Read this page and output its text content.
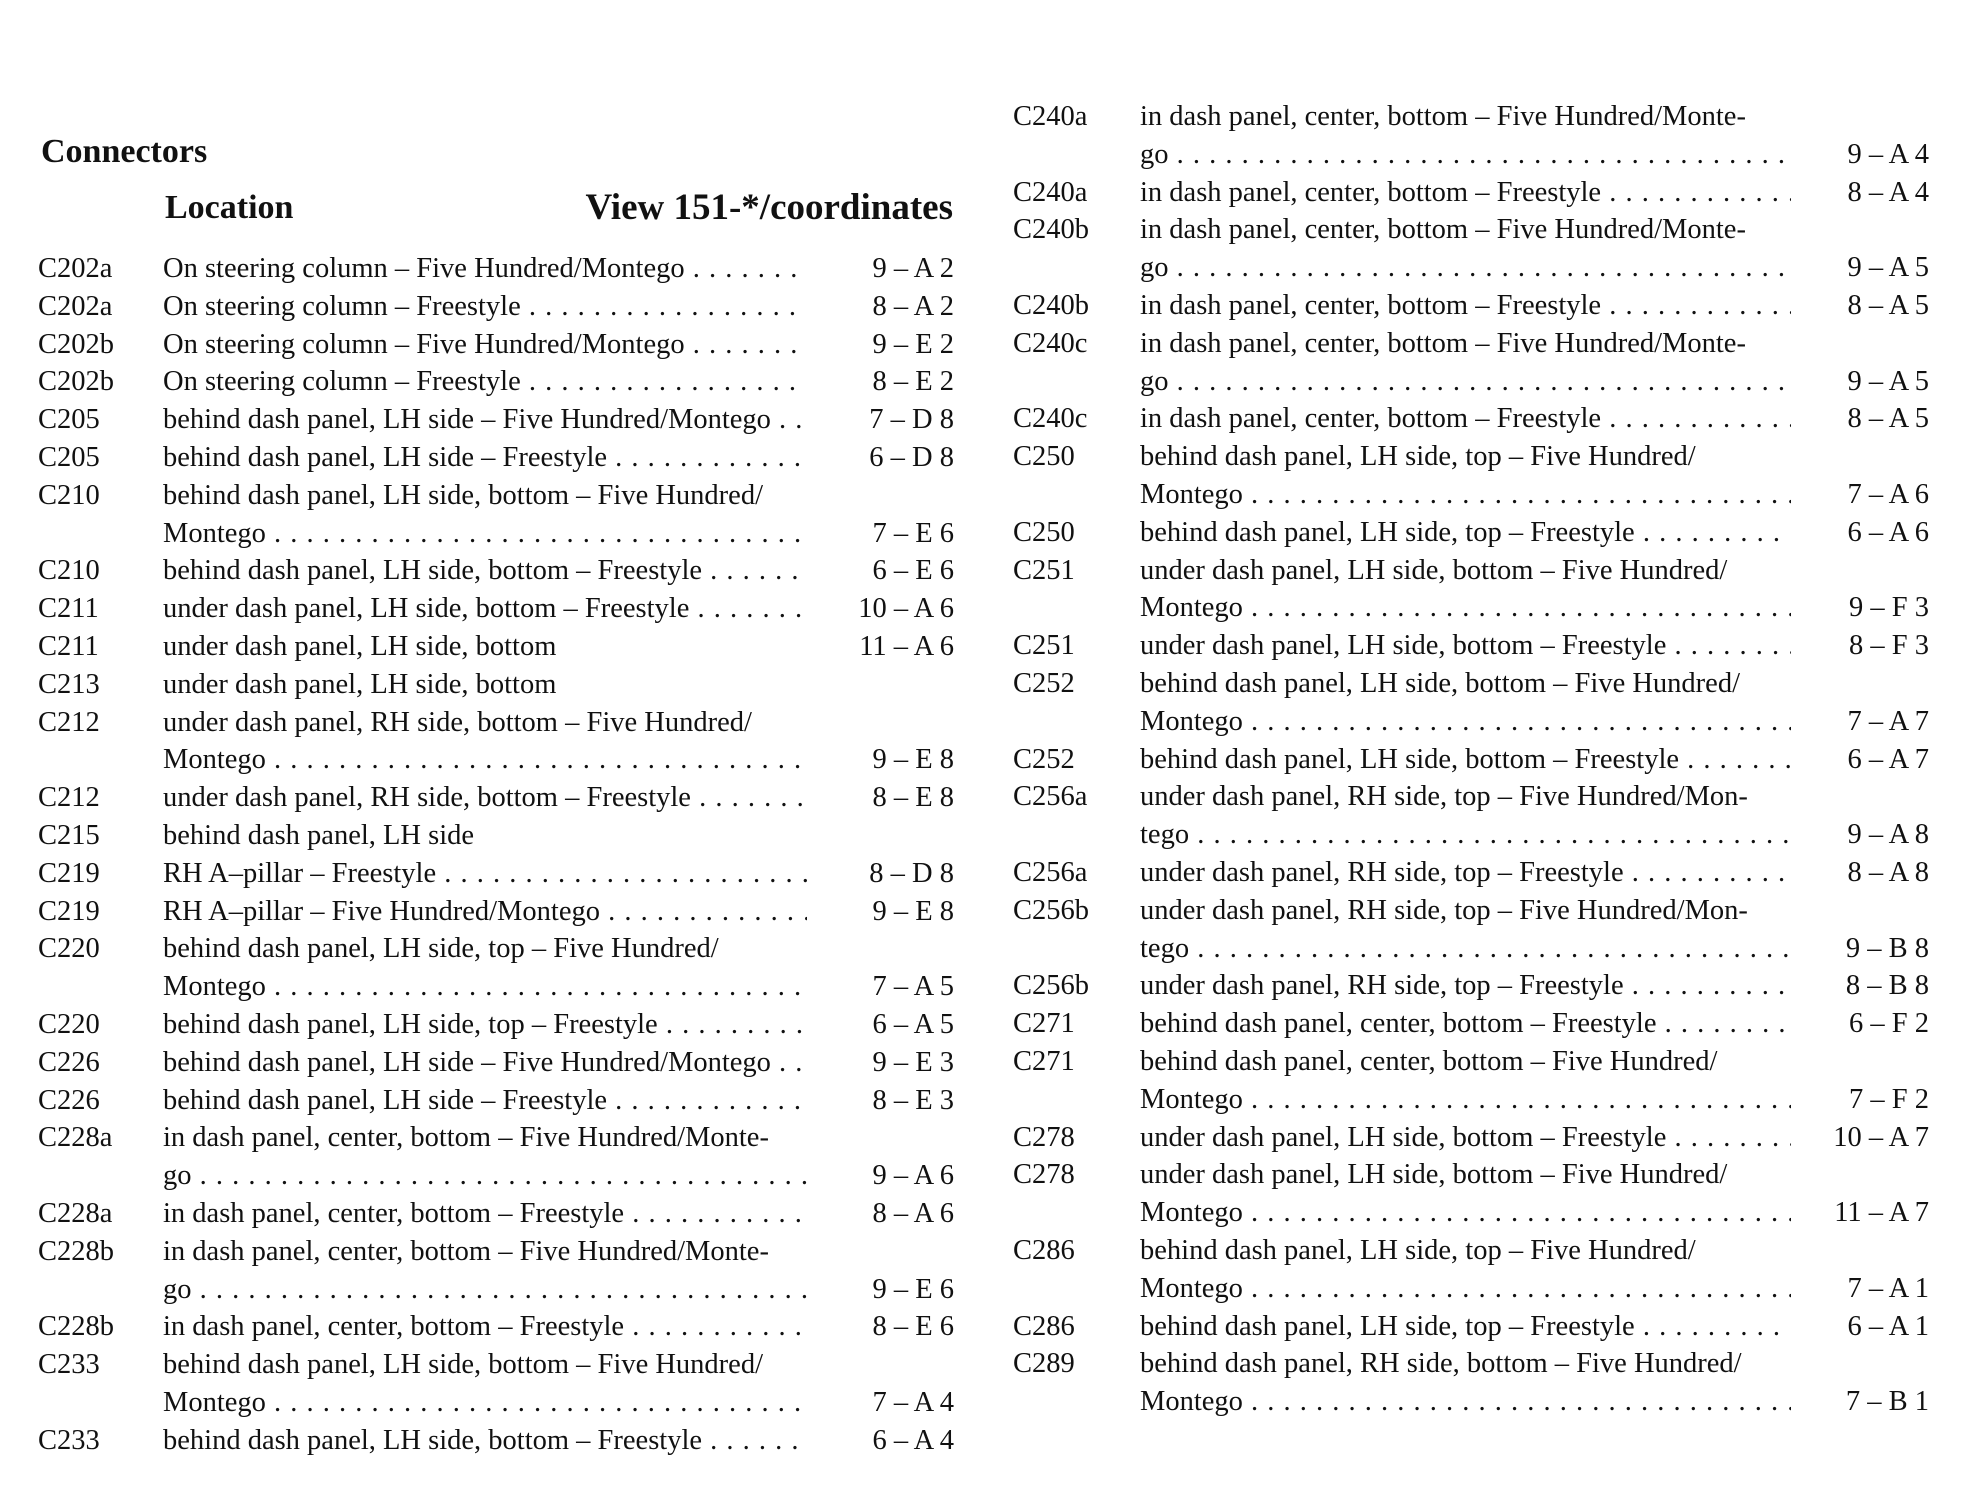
Connectors
Location	View 151-*/coordinates
C202a	On steering column – Five Hundred/Montego . . .	9 – A 2
C202a	On steering column – Freestyle . . .	8 – A 2
C202b	On steering column – Five Hundred/Montego . . .	9 – E 2
C202b	On steering column – Freestyle . . .	8 – E 2
C205	behind dash panel, LH side – Five Hundred/Montego . . .	7 – D 8
C205	behind dash panel, LH side – Freestyle . . .	6 – D 8
C210	behind dash panel, LH side, bottom – Five Hundred/
Montego . . .	7 – E 6
C210	behind dash panel, LH side, bottom – Freestyle . . .	6 – E 6
C211	under dash panel, LH side, bottom – Freestyle . . .	10 – A 6
C211	under dash panel, LH side, bottom	11 – A 6
C213	under dash panel, LH side, bottom
C212	under dash panel, RH side, bottom – Five Hundred/
Montego . . .	9 – E 8
C212	under dash panel, RH side, bottom – Freestyle . . .	8 – E 8
C215	behind dash panel, LH side
C219	RH A–pillar – Freestyle . . .	8 – D 8
C219	RH A–pillar – Five Hundred/Montego . . .	9 – E 8
C220	behind dash panel, LH side, top – Five Hundred/
Montego . . .	7 – A 5
C220	behind dash panel, LH side, top – Freestyle . . .	6 – A 5
C226	behind dash panel, LH side – Five Hundred/Montego . . .	9 – E 3
C226	behind dash panel, LH side – Freestyle . . .	8 – E 3
C228a	in dash panel, center, bottom – Five Hundred/Monte-
go . . .	9 – A 6
C228a	in dash panel, center, bottom – Freestyle . . .	8 – A 6
C228b	in dash panel, center, bottom – Five Hundred/Monte-
go . . .	9 – E 6
C228b	in dash panel, center, bottom – Freestyle . . .	8 – E 6
C233	behind dash panel, LH side, bottom – Five Hundred/
Montego . . .	7 – A 4
C233	behind dash panel, LH side, bottom – Freestyle . . .	6 – A 4
C240a	in dash panel, center, bottom – Five Hundred/Monte-
go . . .	9 – A 4
C240a	in dash panel, center, bottom – Freestyle . . .	8 – A 4
C240b	in dash panel, center, bottom – Five Hundred/Monte-
go . . .	9 – A 5
C240b	in dash panel, center, bottom – Freestyle . . .	8 – A 5
C240c	in dash panel, center, bottom – Five Hundred/Monte-
go . . .	9 – A 5
C240c	in dash panel, center, bottom – Freestyle . . .	8 – A 5
C250	behind dash panel, LH side, top – Five Hundred/
Montego . . .	7 – A 6
C250	behind dash panel, LH side, top – Freestyle . . .	6 – A 6
C251	under dash panel, LH side, bottom – Five Hundred/
Montego . . .	9 – F 3
C251	under dash panel, LH side, bottom – Freestyle . . .	8 – F 3
C252	behind dash panel, LH side, bottom – Five Hundred/
Montego . . .	7 – A 7
C252	behind dash panel, LH side, bottom – Freestyle . . .	6 – A 7
C256a	under dash panel, RH side, top – Five Hundred/Mon-
tego . . .	9 – A 8
C256a	under dash panel, RH side, top – Freestyle . . .	8 – A 8
C256b	under dash panel, RH side, top – Five Hundred/Mon-
tego . . .	9 – B 8
C256b	under dash panel, RH side, top – Freestyle . . .	8 – B 8
C271	behind dash panel, center, bottom – Freestyle . . .	6 – F 2
C271	behind dash panel, center, bottom – Five Hundred/
Montego . . .	7 – F 2
C278	under dash panel, LH side, bottom – Freestyle . . .	10 – A 7
C278	under dash panel, LH side, bottom – Five Hundred/
Montego . . .	11 – A 7
C286	behind dash panel, LH side, top – Five Hundred/
Montego . . .	7 – A 1
C286	behind dash panel, LH side, top – Freestyle . . .	6 – A 1
C289	behind dash panel, RH side, bottom – Five Hundred/
Montego . . .	7 – B 1
